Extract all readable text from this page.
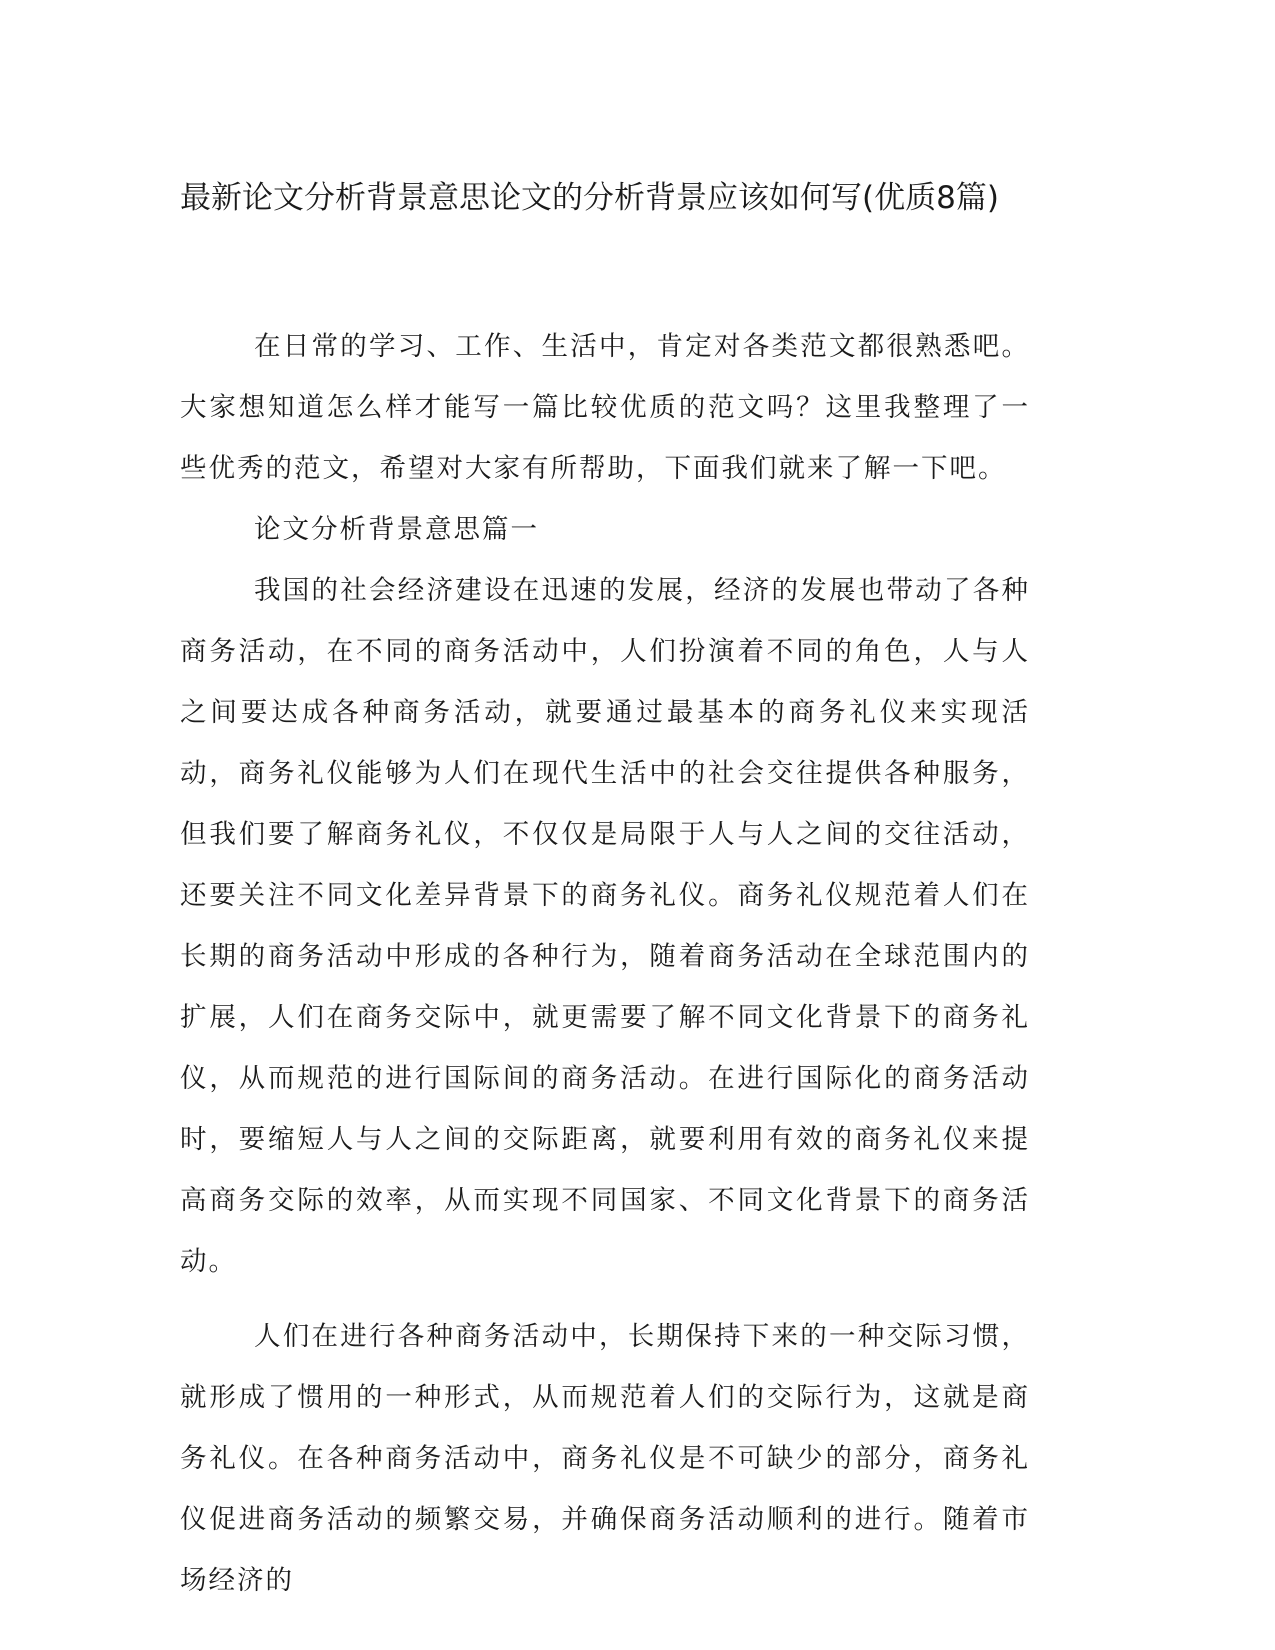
最新论文分析背景意思论文的分析背景应该如何写(优质8篇)

在日常的学习、工作、生活中，肯定对各类范文都很熟悉吧。大家想知道怎么样才能写一篇比较优质的范文吗？这里我整理了一些优秀的范文，希望对大家有所帮助，下面我们就来了解一下吧。

论文分析背景意思篇一

我国的社会经济建设在迅速的发展，经济的发展也带动了各种商务活动，在不同的商务活动中，人们扮演着不同的角色，人与人之间要达成各种商务活动，就要通过最基本的商务礼仪来实现活动，商务礼仪能够为人们在现代生活中的社会交往提供各种服务，但我们要了解商务礼仪，不仅仅是局限于人与人之间的交往活动，还要关注不同文化差异背景下的商务礼仪。商务礼仪规范着人们在长期的商务活动中形成的各种行为，随着商务活动在全球范围内的扩展，人们在商务交际中，就更需要了解不同文化背景下的商务礼仪，从而规范的进行国际间的商务活动。在进行国际化的商务活动时，要缩短人与人之间的交际距离，就要利用有效的商务礼仪来提高商务交际的效率，从而实现不同国家、不同文化背景下的商务活动。

人们在进行各种商务活动中，长期保持下来的一种交际习惯，就形成了惯用的一种形式，从而规范着人们的交际行为，这就是商务礼仪。在各种商务活动中，商务礼仪是不可缺少的部分，商务礼仪促进商务活动的频繁交易，并确保商务活动顺利的进行。随着市场经济的
